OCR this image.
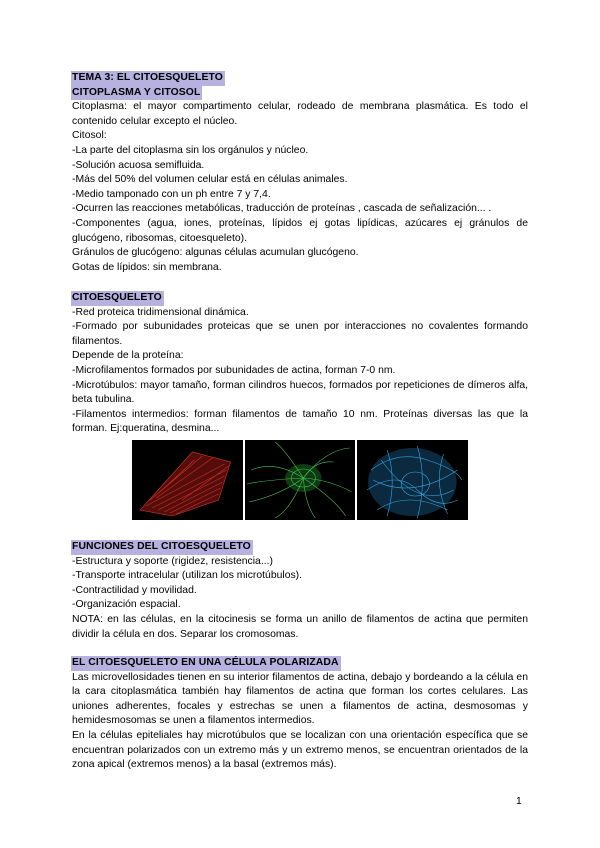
TEMA 3: EL CITOESQUELETO
CITOPLASMA Y CITOSOL

Citoplasma: el mayor compartimento celular, rodeado de membrana plasmática. Es todo el contenido celular excepto el núcleo.

Citosol:

-La parte del citoplasma sin los orgánulos y núcleo.

-Solución acuosa semifluida.

-Más del 50% del volumen celular está en células animales.

-Medio tamponado con un ph entre 7 y 7,4.

-Ocurren las reacciones metabólicas, traducción de proteínas , cascada de señalización... .

-Componentes (agua, iones, proteínas, lípidos ej gotas lipídicas, azúcares ej gránulos de glucógeno, ribosomas, citoesqueleto).

Gránulos de glucógeno: algunas células acumulan glucógeno.

Gotas de lípidos: sin membrana.

CITOESQUELETO

-Red proteica tridimensional dinámica.

-Formado por subunidades proteicas que se unen por interacciones no covalentes formando filamentos.

Depende de la proteína:

-Microfilamentos formados por subunidades de actina, forman 7-0 nm.

-Microtúbulos: mayor tamaño, forman cilindros huecos, formados por repeticiones de dímeros alfa, beta tubulina.

-Filamentos intermedios: forman filamentos de tamaño 10 nm. Proteínas diversas las que la forman. Ej:queratina, desmina...

FUNCIONES DEL CITOESQUELETO

-Estructura y soporte (rigidez, resistencia...)

-Transporte intracelular (utilizan los microtúbulos).

-Contractilidad y movilidad.

-Organización espacial.

NOTA: en las células, en la citocinesis se forma un anillo de filamentos de actina que permiten dividir la célula en dos. Separar los cromosomas.

EL CITOESQUELETO EN UNA CÉLULA POLARIZADA

Las microvellosidades tienen en su interior filamentos de actina, debajo y bordeando a la célula en la cara citoplasmática también hay filamentos de actina que forman los cortes celulares. Las uniones adherentes, focales y estrechas se unen a filamentos de actina, desmosomas y hemidesmosomas se unen a filamentos intermedios.

En la células epiteliales hay microtúbulos que se localizan con una orientación específica que se encuentran polarizados con un extremo más y un extremo menos, se encuentran orientados de la zona apical (extremos menos) a la basal (extremos más).

1
